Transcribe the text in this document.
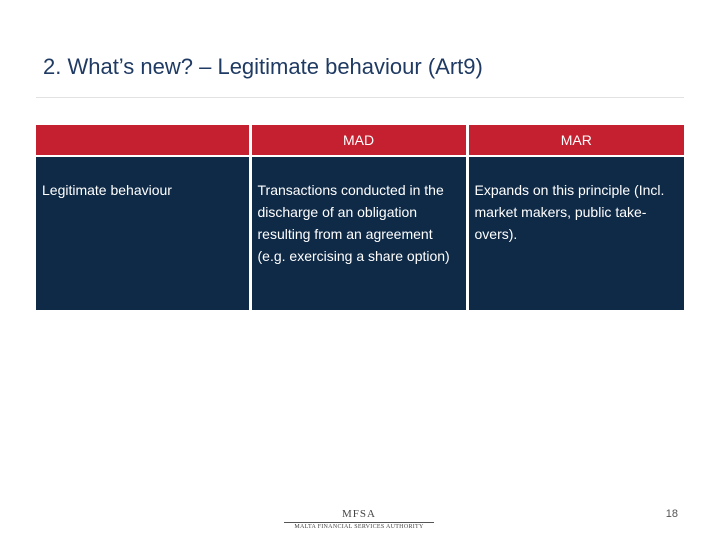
2. What’s new? – Legitimate behaviour (Art9)
	MAD	MAR
Legitimate behaviour	Transactions conducted in the discharge of an obligation resulting from an agreement (e.g. exercising a share option)	Expands on this principle (Incl. market makers, public take-overs).
MFSA
MALTA FINANCIAL SERVICES AUTHORITY
18
